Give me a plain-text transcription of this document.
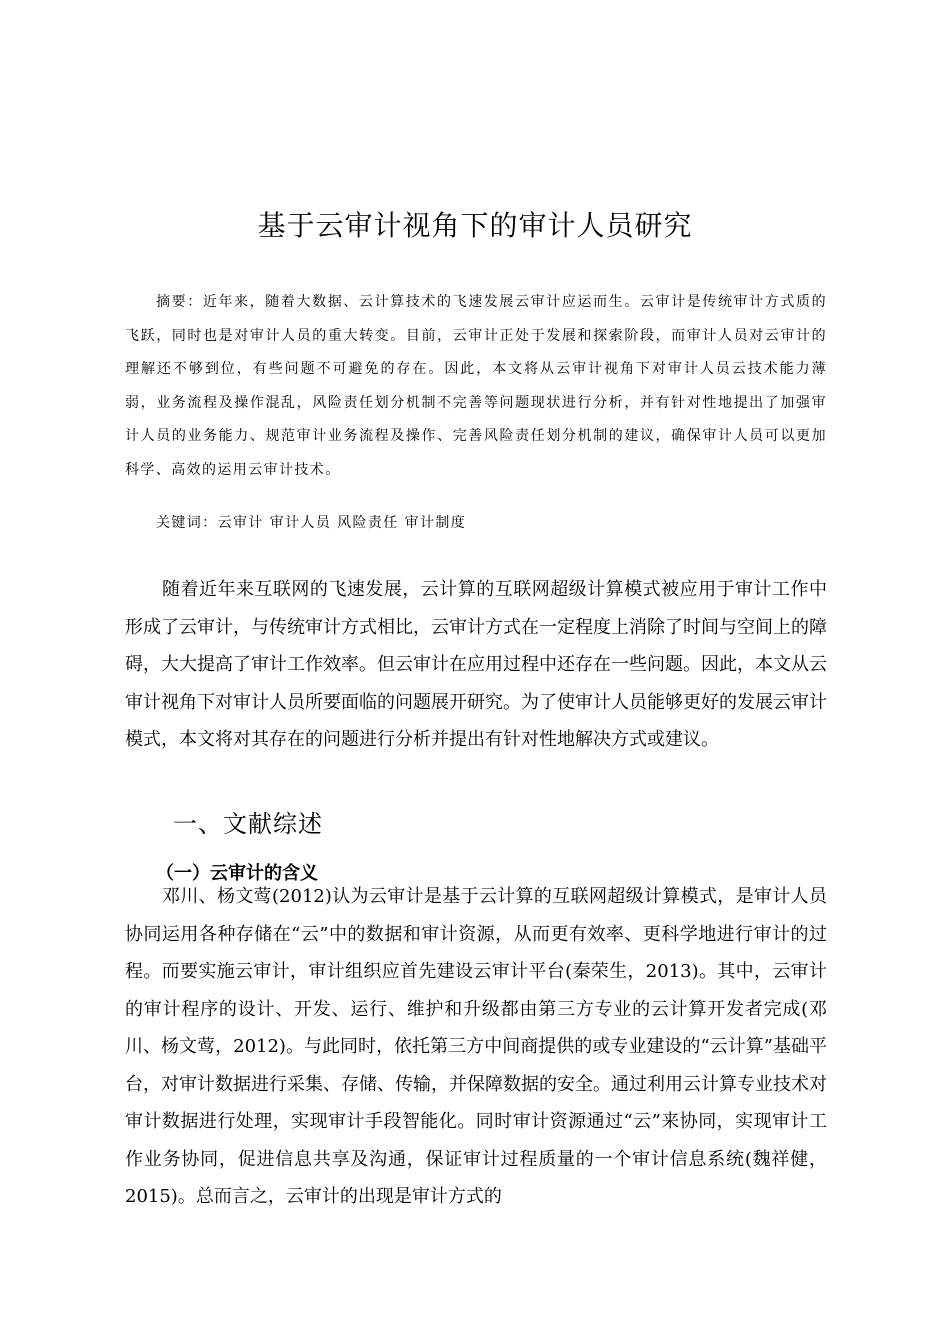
基于云审计视角下的审计人员研究
摘要：近年来，随着大数据、云计算技术的飞速发展云审计应运而生。云审计是传统审计方式质的飞跃，同时也是对审计人员的重大转变。目前，云审计正处于发展和探索阶段，而审计人员对云审计的理解还不够到位，有些问题不可避免的存在。因此，本文将从云审计视角下对审计人员云技术能力薄弱，业务流程及操作混乱，风险责任划分机制不完善等问题现状进行分析，并有针对性地提出了加强审计人员的业务能力、规范审计业务流程及操作、完善风险责任划分机制的建议，确保审计人员可以更加科学、高效的运用云审计技术。
关键词：云审计 审计人员 风险责任 审计制度
随着近年来互联网的飞速发展，云计算的互联网超级计算模式被应用于审计工作中形成了云审计，与传统审计方式相比，云审计方式在一定程度上消除了时间与空间上的障碍，大大提高了审计工作效率。但云审计在应用过程中还存在一些问题。因此，本文从云审计视角下对审计人员所要面临的问题展开研究。为了使审计人员能够更好的发展云审计模式，本文将对其存在的问题进行分析并提出有针对性地解决方式或建议。
一、文献综述
（一）云审计的含义
邓川、杨文莺(2012)认为云审计是基于云计算的互联网超级计算模式，是审计人员协同运用各种存储在“云”中的数据和审计资源，从而更有效率、更科学地进行审计的过程。而要实施云审计，审计组织应首先建设云审计平台(秦荣生，2013)。其中，云审计的审计程序的设计、开发、运行、维护和升级都由第三方专业的云计算开发者完成(邓川、杨文莺，2012)。与此同时，依托第三方中间商提供的或专业建设的“云计算”基础平台，对审计数据进行采集、存储、传输，并保障数据的安全。通过利用云计算专业技术对审计数据进行处理，实现审计手段智能化。同时审计资源通过“云”来协同，实现审计工作业务协同，促进信息共享及沟通，保证审计过程质量的一个审计信息系统(魏祥健，2015)。总而言之，云审计的出现是审计方式的
